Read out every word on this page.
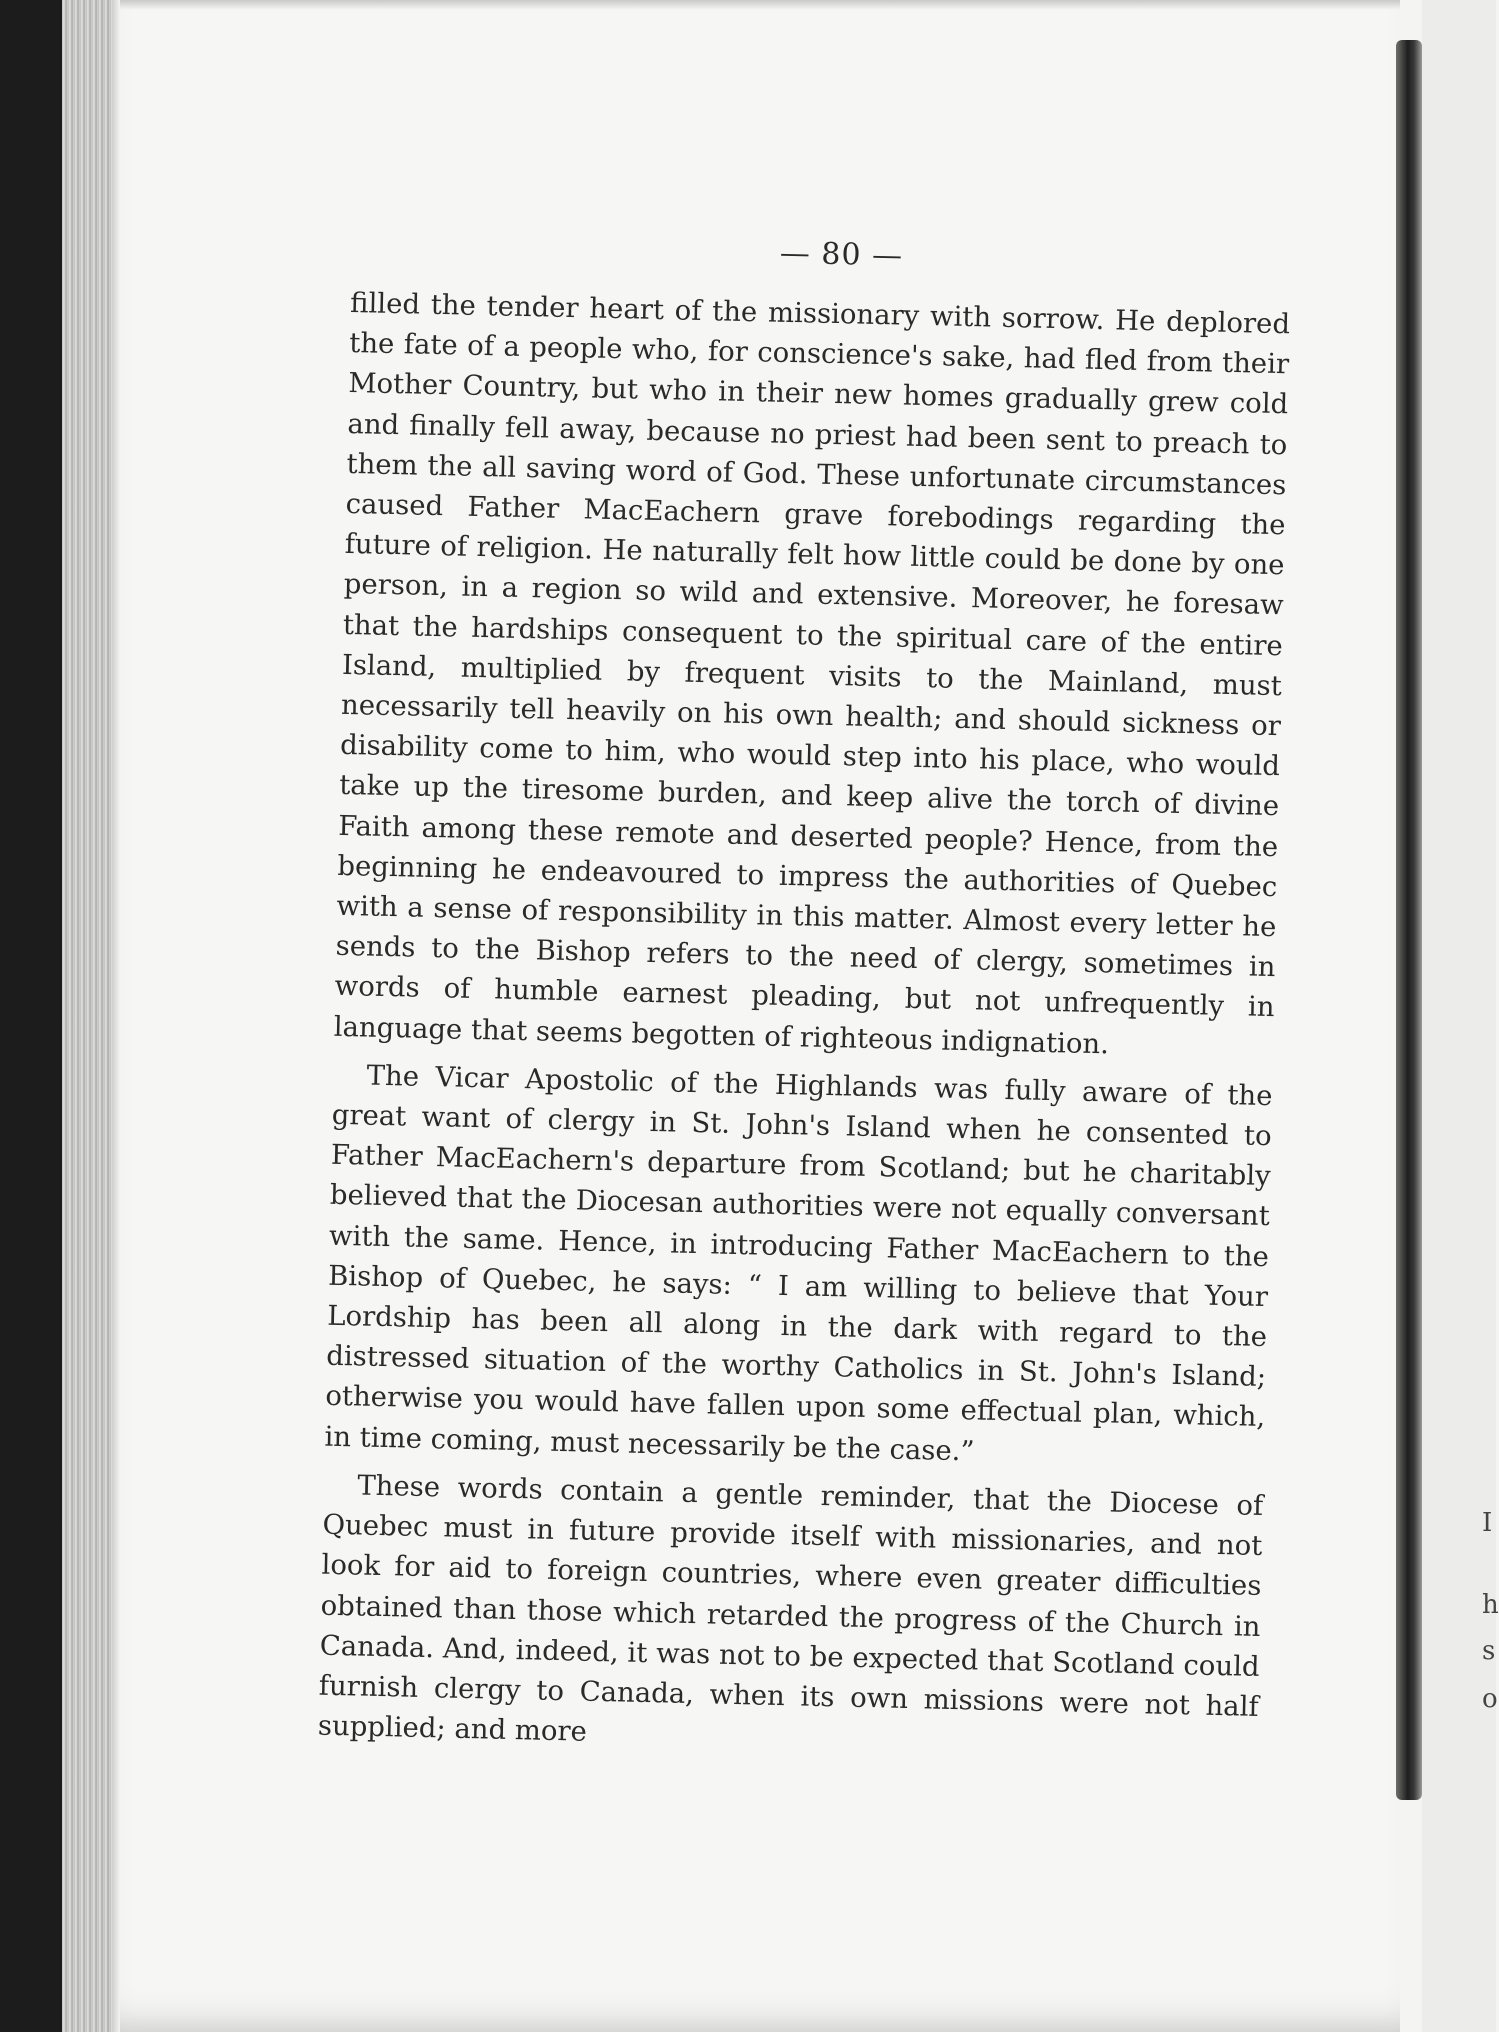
I
h
s
o
— 80 —

filled the tender heart of the missionary with sorrow. He deplored the fate of a people who, for conscience's sake, had fled from their Mother Country, but who in their new homes gradually grew cold and finally fell away, because no priest had been sent to preach to them the all saving word of God. These unfortunate circumstances caused Father MacEachern grave forebodings regarding the future of religion. He naturally felt how little could be done by one person, in a region so wild and extensive. Moreover, he foresaw that the hardships consequent to the spiritual care of the entire Island, multiplied by frequent visits to the Mainland, must necessarily tell heavily on his own health; and should sickness or disability come to him, who would step into his place, who would take up the tiresome burden, and keep alive the torch of divine Faith among these remote and deserted people? Hence, from the beginning he endeavoured to impress the authorities of Quebec with a sense of responsibility in this matter. Almost every letter he sends to the Bishop refers to the need of clergy, sometimes in words of humble earnest pleading, but not unfrequently in language that seems begotten of righteous indignation.

The Vicar Apostolic of the Highlands was fully aware of the great want of clergy in St. John's Island when he consented to Father MacEachern's departure from Scotland; but he charitably believed that the Diocesan authorities were not equally conversant with the same. Hence, in introducing Father MacEachern to the Bishop of Quebec, he says: “ I am willing to believe that Your Lordship has been all along in the dark with regard to the distressed situation of the worthy Catholics in St. John's Island; otherwise you would have fallen upon some effectual plan, which, in time coming, must necessarily be the case.”

These words contain a gentle reminder, that the Diocese of Quebec must in future provide itself with missionaries, and not look for aid to foreign countries, where even greater difficulties obtained than those which retarded the progress of the Church in Canada. And, indeed, it was not to be expected that Scotland could furnish clergy to Canada, when its own missions were not half supplied; and more
